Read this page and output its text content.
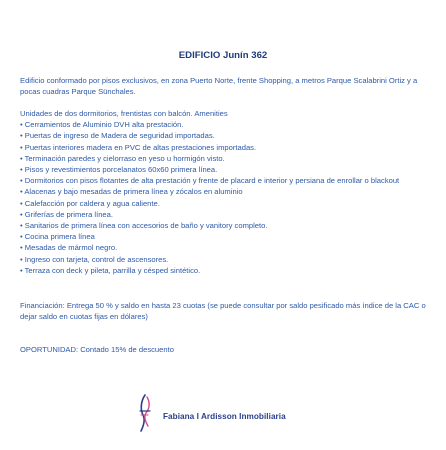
EDIFICIO Junín 362
Edificio conformado por pisos exclusivos, en zona Puerto Norte, frente Shopping, a metros Parque Scalabrini Ortiz y a pocas cuadras Parque Sünchales.
Unidades de dos dormitorios, frentistas con balcón. Amenities
• Cerramientos de Aluminio DVH alta prestación.
• Puertas de ingreso de Madera de seguridad importadas.
• Puertas interiores madera en PVC de altas prestaciones importadas.
• Terminación paredes y cielorraso en yeso u hormigón visto.
• Pisos y revestimientos porcelanatos 60x60 primera línea.
• Dormitorios con pisos flotantes de alta prestación y frente de placard e interior y persiana de enrollar o blackout
• Alacenas y bajo mesadas de primera línea y zócalos en aluminio
• Calefacción por caldera y agua caliente.
• Griferías de primera línea.
• Sanitarios de primera línea con accesorios de baño y vanitory completo.
• Cocina primera línea
• Mesadas de mármol negro.
• Ingreso con tarjeta, control de ascensores.
• Terraza con deck y pileta, parrilla y césped sintético.
Financiación: Entrega 50 % y saldo en hasta 23 cuotas (se puede consultar por saldo pesificado más índice de la CAC o dejar saldo en cuotas fijas en dólares)
OPORTUNIDAD: Contado 15% de descuento
Fabiana I Ardisson Inmobiliaria
